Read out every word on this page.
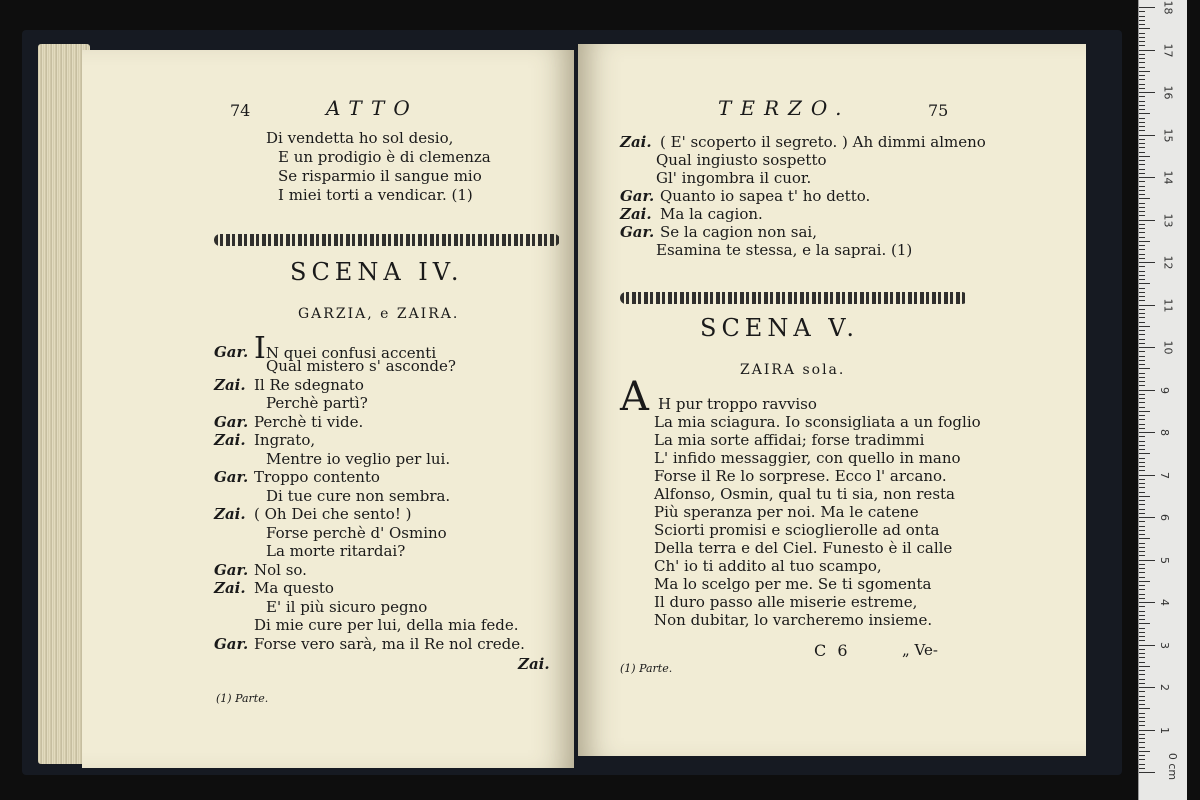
74	ATTO
Di vendetta ho sol desio,
E un prodigio è di clemenza
Se risparmio il sangue mio
I miei torti a vendicar. (1)
SCENA IV.
GARZIA, e ZAIRA.
Gar. IN quei confusi accenti
Qual mistero s' asconde?
Zai. Il Re sdegnato
Perchè partì?
Gar. Perchè ti vide.
Zai. Ingrato,
Mentre io veglio per lui.
Gar. Troppo contento
Di tue cure non sembra.
Zai. ( Oh Dei che sento! )
Forse perchè d' Osmino
La morte ritardai?
Gar. Nol so.
Zai. Ma questo
E' il più sicuro pegno
Di mie cure per lui, della mia fede.
Gar. Forse vero sarà, ma il Re nol crede.
Zai.
(1) Parte.
TERZO.	75
Zai. ( E' scoperto il segreto. ) Ah dimmi almeno
Qual ingiusto sospetto
Gl' ingombra il cuor.
Gar. Quanto io sapea t' ho detto.
Zai. Ma la cagion.
Gar. Se la cagion non sai,
Esamina te stessa, e la saprai. (1)
SCENA V.
ZAIRA sola.
A H pur troppo ravviso
La mia sciagura. Io sconsigliata a un foglio
La mia sorte affidai; forse tradimmi
L' infido messaggier, con quello in mano
Forse il Re lo sorprese. Ecco l' arcano.
Alfonso, Osmin, qual tu ti sia, non resta
Più speranza per noi. Ma le catene
Sciorti promisi e scioglierolle ad onta
Della terra e del Ciel. Funesto è il calle
Ch' io ti addito al tuo scampo,
Ma lo scelgo per me. Se ti sgomenta
Il duro passo alle miserie estreme,
Non dubitar, lo varcheremo insieme.
C 6	„ Ve-
(1) Parte.
0 cm
1
2
3
4
5
6
7
8
9
10
11
12
13
14
15
16
17
18
